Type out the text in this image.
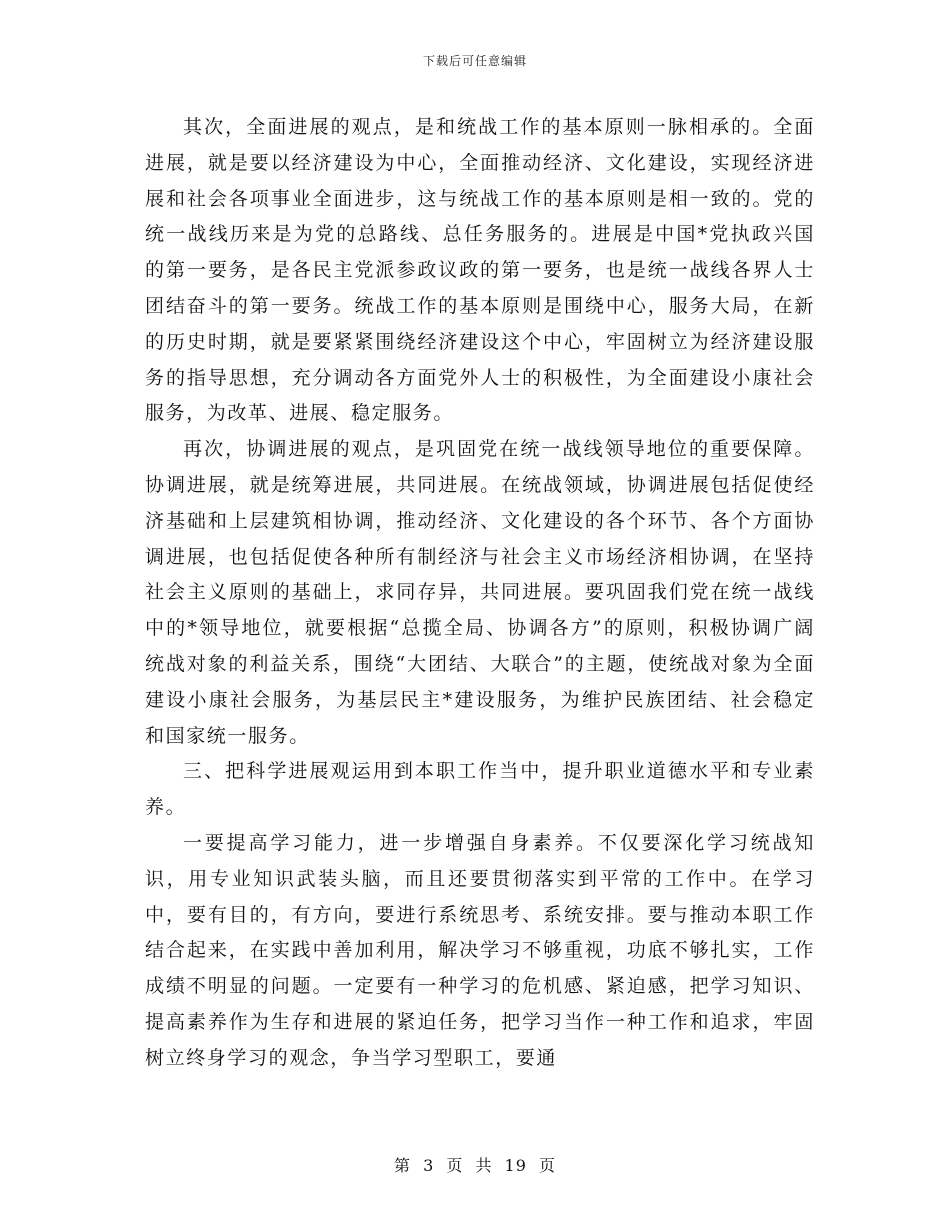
下载后可任意编辑

其次，全面进展的观点，是和统战工作的基本原则一脉相承的。全面进展，就是要以经济建设为中心，全面推动经济、文化建设，实现经济进展和社会各项事业全面进步，这与统战工作的基本原则是相一致的。党的统一战线历来是为党的总路线、总任务服务的。进展是中国*党执政兴国的第一要务，是各民主党派参政议政的第一要务，也是统一战线各界人士团结奋斗的第一要务。统战工作的基本原则是围绕中心，服务大局，在新的历史时期，就是要紧紧围绕经济建设这个中心，牢固树立为经济建设服务的指导思想，充分调动各方面党外人士的积极性，为全面建设小康社会服务，为改革、进展、稳定服务。

再次，协调进展的观点，是巩固党在统一战线领导地位的重要保障。协调进展，就是统筹进展，共同进展。在统战领域，协调进展包括促使经济基础和上层建筑相协调，推动经济、文化建设的各个环节、各个方面协调进展，也包括促使各种所有制经济与社会主义市场经济相协调，在坚持社会主义原则的基础上，求同存异，共同进展。要巩固我们党在统一战线中的*领导地位，就要根据“总揽全局、协调各方”的原则，积极协调广阔统战对象的利益关系，围绕“大团结、大联合”的主题，使统战对象为全面建设小康社会服务，为基层民主*建设服务，为维护民族团结、社会稳定和国家统一服务。

三、把科学进展观运用到本职工作当中，提升职业道德水平和专业素养。

一要提高学习能力，进一步增强自身素养。不仅要深化学习统战知识，用专业知识武装头脑，而且还要贯彻落实到平常的工作中。在学习中，要有目的，有方向，要进行系统思考、系统安排。要与推动本职工作结合起来，在实践中善加利用，解决学习不够重视，功底不够扎实，工作成绩不明显的问题。一定要有一种学习的危机感、紧迫感，把学习知识、提高素养作为生存和进展的紧迫任务，把学习当作一种工作和追求，牢固树立终身学习的观念，争当学习型职工，要通

第 3 页 共 19 页
